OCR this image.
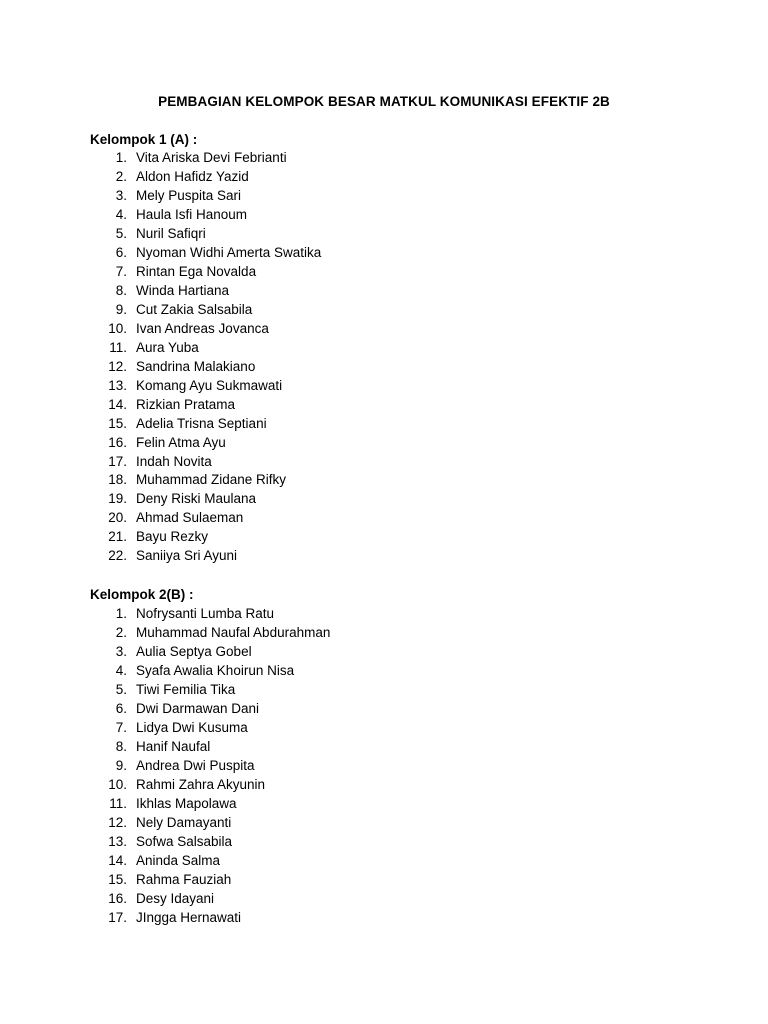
PEMBAGIAN KELOMPOK BESAR MATKUL KOMUNIKASI EFEKTIF 2B
Kelompok 1 (A) :
1. Vita Ariska Devi Febrianti
2. Aldon Hafidz Yazid
3. Mely Puspita Sari
4. Haula Isfi Hanoum
5. Nuril Safiqri
6. Nyoman Widhi Amerta Swatika
7. Rintan Ega Novalda
8. Winda Hartiana
9. Cut Zakia Salsabila
10. Ivan Andreas Jovanca
11. Aura Yuba
12. Sandrina Malakiano
13. Komang Ayu Sukmawati
14. Rizkian Pratama
15. Adelia Trisna Septiani
16. Felin Atma Ayu
17. Indah Novita
18. Muhammad Zidane Rifky
19. Deny Riski Maulana
20. Ahmad Sulaeman
21. Bayu Rezky
22. Saniiya Sri Ayuni
Kelompok 2(B) :
1. Nofrysanti Lumba Ratu
2. Muhammad Naufal Abdurahman
3. Aulia Septya Gobel
4. Syafa Awalia Khoirun Nisa
5. Tiwi Femilia Tika
6. Dwi Darmawan Dani
7. Lidya Dwi Kusuma
8. Hanif Naufal
9. Andrea Dwi Puspita
10. Rahmi Zahra Akyunin
11. Ikhlas Mapolawa
12. Nely Damayanti
13. Sofwa Salsabila
14. Aninda Salma
15. Rahma Fauziah
16. Desy Idayani
17. JIngga Hernawati
